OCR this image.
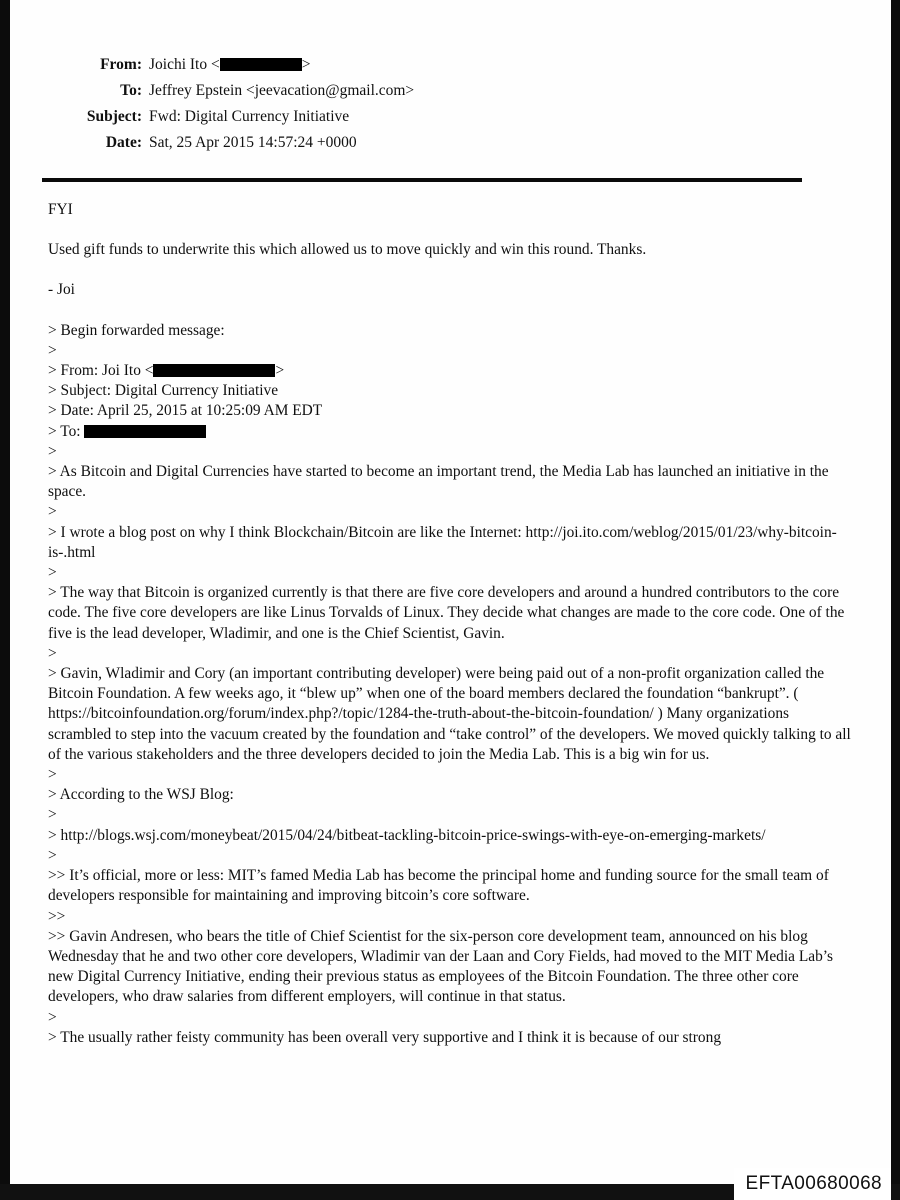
From: Joichi Ito <	>
To: Jeffrey Epstein <jeevacation@gmail.com>
Subject: Fwd: Digital Currency Initiative
Date: Sat, 25 Apr 2015 14:57:24 +0000

FYI

Used gift funds to underwrite this which allowed us to move quickly and win this round. Thanks.

- Joi

> Begin forwarded message:

>

> From: Joi Ito <	>

> Subject: Digital Currency Initiative

> Date: April 25, 2015 at 10:25:09 AM EDT

> To:

>

> As Bitcoin and Digital Currencies have started to become an important trend, the Media Lab has launched an initiative in the space.

>

> I wrote a blog post on why I think Blockchain/Bitcoin are like the Internet: http://joi.ito.com/weblog/2015/01/23/why-bitcoin-is-.html

>

> The way that Bitcoin is organized currently is that there are five core developers and around a hundred contributors to the core code. The five core developers are like Linus Torvalds of Linux. They decide what changes are made to the core code. One of the five is the lead developer, Wladimir, and one is the Chief Scientist, Gavin.

>

> Gavin, Wladimir and Cory (an important contributing developer) were being paid out of a non-profit organization called the Bitcoin Foundation. A few weeks ago, it “blew up” when one of the board members declared the foundation “bankrupt”. ( https://bitcoinfoundation.org/forum/index.php?/topic/1284-the-truth-about-the-bitcoin-foundation/ ) Many organizations scrambled to step into the vacuum created by the foundation and “take control” of the developers. We moved quickly talking to all of the various stakeholders and the three developers decided to join the Media Lab. This is a big win for us.

>

> According to the WSJ Blog:

>

> http://blogs.wsj.com/moneybeat/2015/04/24/bitbeat-tackling-bitcoin-price-swings-with-eye-on-emerging-markets/

>

>> It’s official, more or less: MIT’s famed Media Lab has become the principal home and funding source for the small team of developers responsible for maintaining and improving bitcoin’s core software.

>>

>> Gavin Andresen, who bears the title of Chief Scientist for the six-person core development team, announced on his blog Wednesday that he and two other core developers, Wladimir van der Laan and Cory Fields, had moved to the MIT Media Lab’s new Digital Currency Initiative, ending their previous status as employees of the Bitcoin Foundation. The three other core developers, who draw salaries from different employers, will continue in that status.

>

> The usually rather feisty community has been overall very supportive and I think it is because of our strong

EFTA00680068
